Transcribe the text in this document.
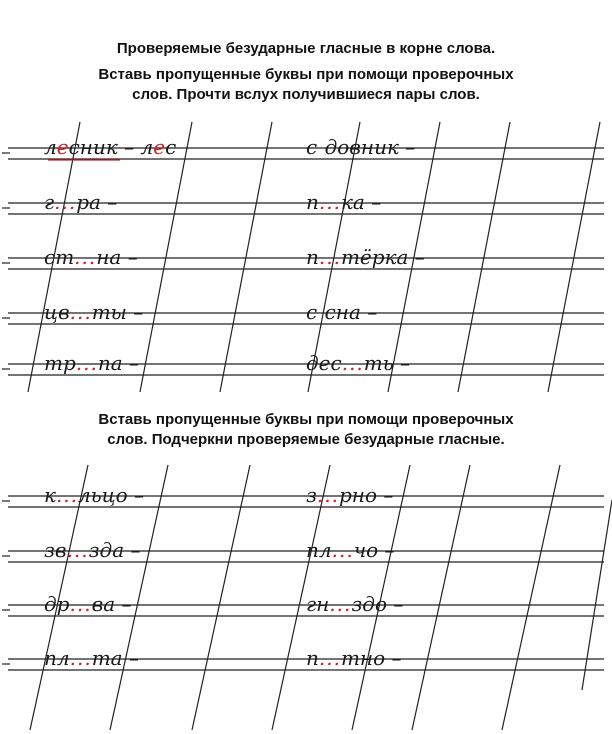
Проверяемые безударные гласные в корне слова.
Вставь пропущенные буквы при помощи проверочных
слов. Прочти вслух получившиеся пары слов.
лесник – лес
г...ра –
ст...на –
цв...ты –
тр...па –
с довник –
п...ка –
п...тёрка –
с сна –
дес...ть –
Вставь пропущенные буквы при помощи проверочных
слов. Подчеркни проверяемые безударные гласные.
к...льцо –
зв...зда –
др...ва –
пл...та –
з...рно –
пл...чо –
гн...здо –
п...тно –
